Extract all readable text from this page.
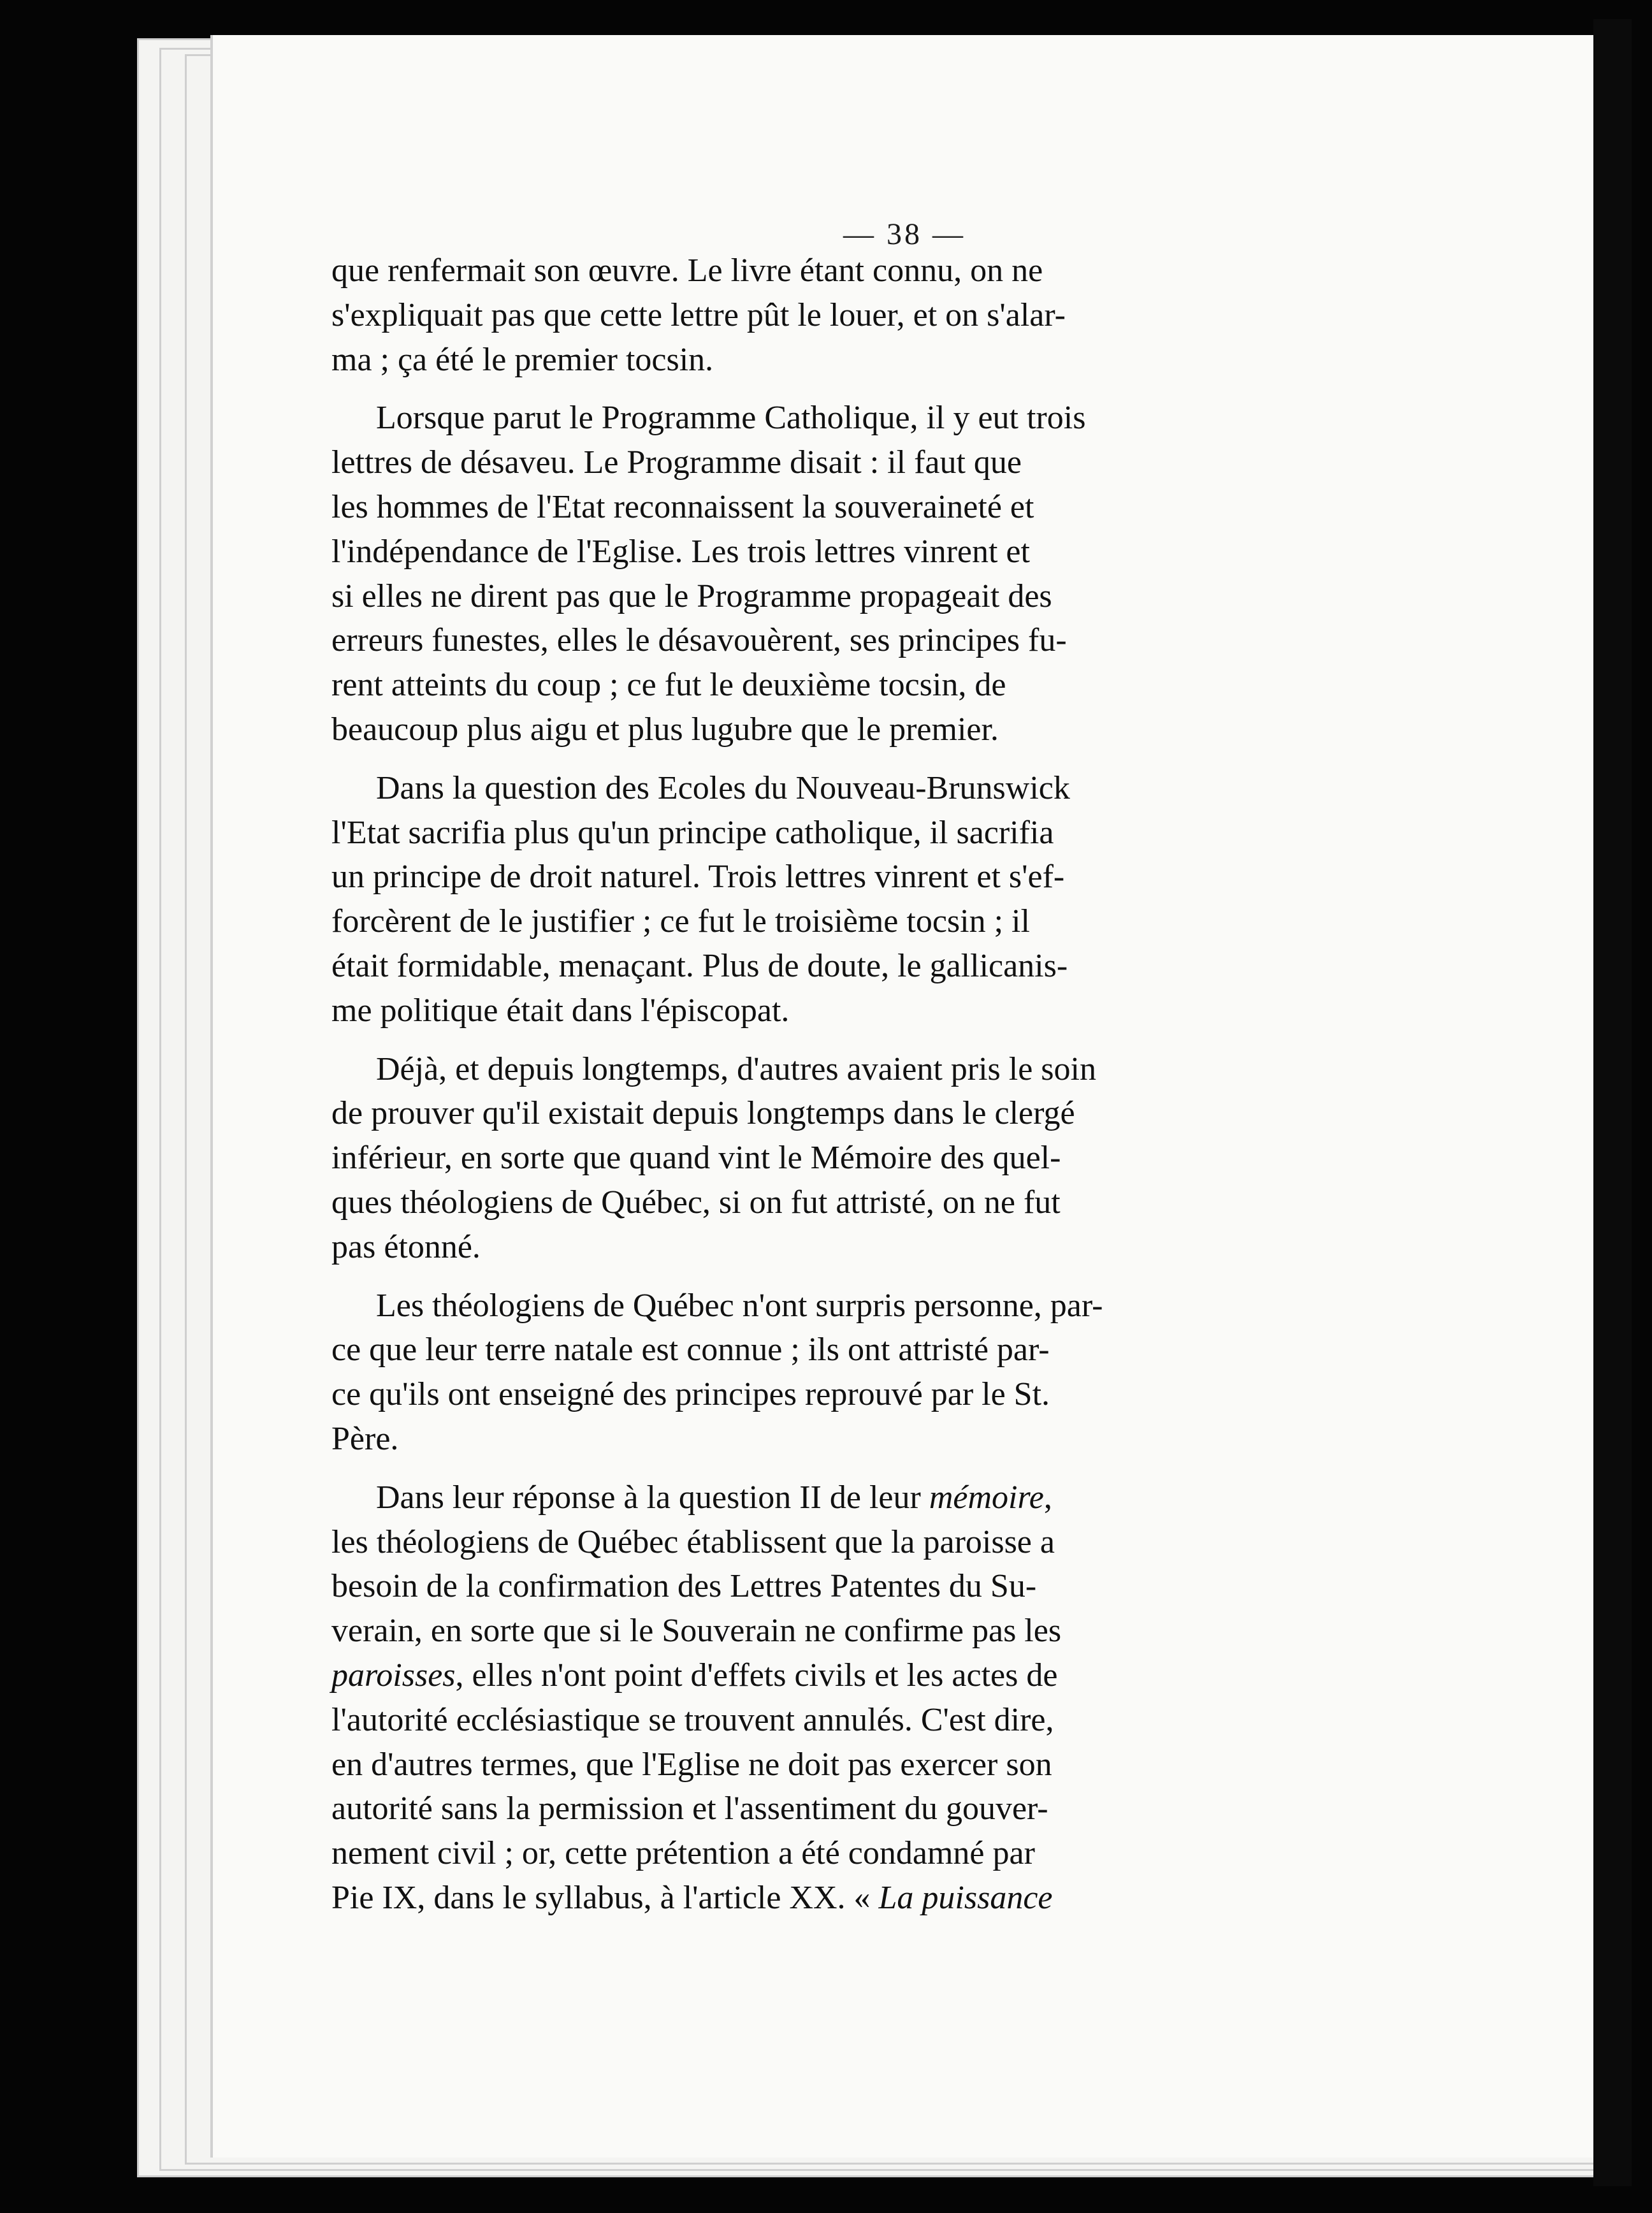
— 38 —

que renfermait son œuvre. Le livre étant connu, on ne
s'expliquait pas que cette lettre pût le louer, et on s'alar-
ma ; ça été le premier tocsin.

Lorsque parut le Programme Catholique, il y eut trois
lettres de désaveu. Le Programme disait : il faut que
les hommes de l'Etat reconnaissent la souveraineté et
l'indépendance de l'Eglise. Les trois lettres vinrent et
si elles ne dirent pas que le Programme propageait des
erreurs funestes, elles le désavouèrent, ses principes fu-
rent atteints du coup ; ce fut le deuxième tocsin, de
beaucoup plus aigu et plus lugubre que le premier.

Dans la question des Ecoles du Nouveau-Brunswick
l'Etat sacrifia plus qu'un principe catholique, il sacrifia
un principe de droit naturel. Trois lettres vinrent et s'ef-
forcèrent de le justifier ; ce fut le troisième tocsin ; il
était formidable, menaçant. Plus de doute, le gallicanis-
me politique était dans l'épiscopat.

Déjà, et depuis longtemps, d'autres avaient pris le soin
de prouver qu'il existait depuis longtemps dans le clergé
inférieur, en sorte que quand vint le Mémoire des quel-
ques théologiens de Québec, si on fut attristé, on ne fut
pas étonné.

Les théologiens de Québec n'ont surpris personne, par-
ce que leur terre natale est connue ; ils ont attristé par-
ce qu'ils ont enseigné des principes reprouvé par le St.
Père.

Dans leur réponse à la question II de leur mémoire,
les théologiens de Québec établissent que la paroisse a
besoin de la confirmation des Lettres Patentes du Su-
verain, en sorte que si le Souverain ne confirme pas les
paroisses, elles n'ont point d'effets civils et les actes de
l'autorité ecclésiastique se trouvent annulés. C'est dire,
en d'autres termes, que l'Eglise ne doit pas exercer son
autorité sans la permission et l'assentiment du gouver-
nement civil ; or, cette prétention a été condamné par
Pie IX, dans le syllabus, à l'article XX. « La puissance
